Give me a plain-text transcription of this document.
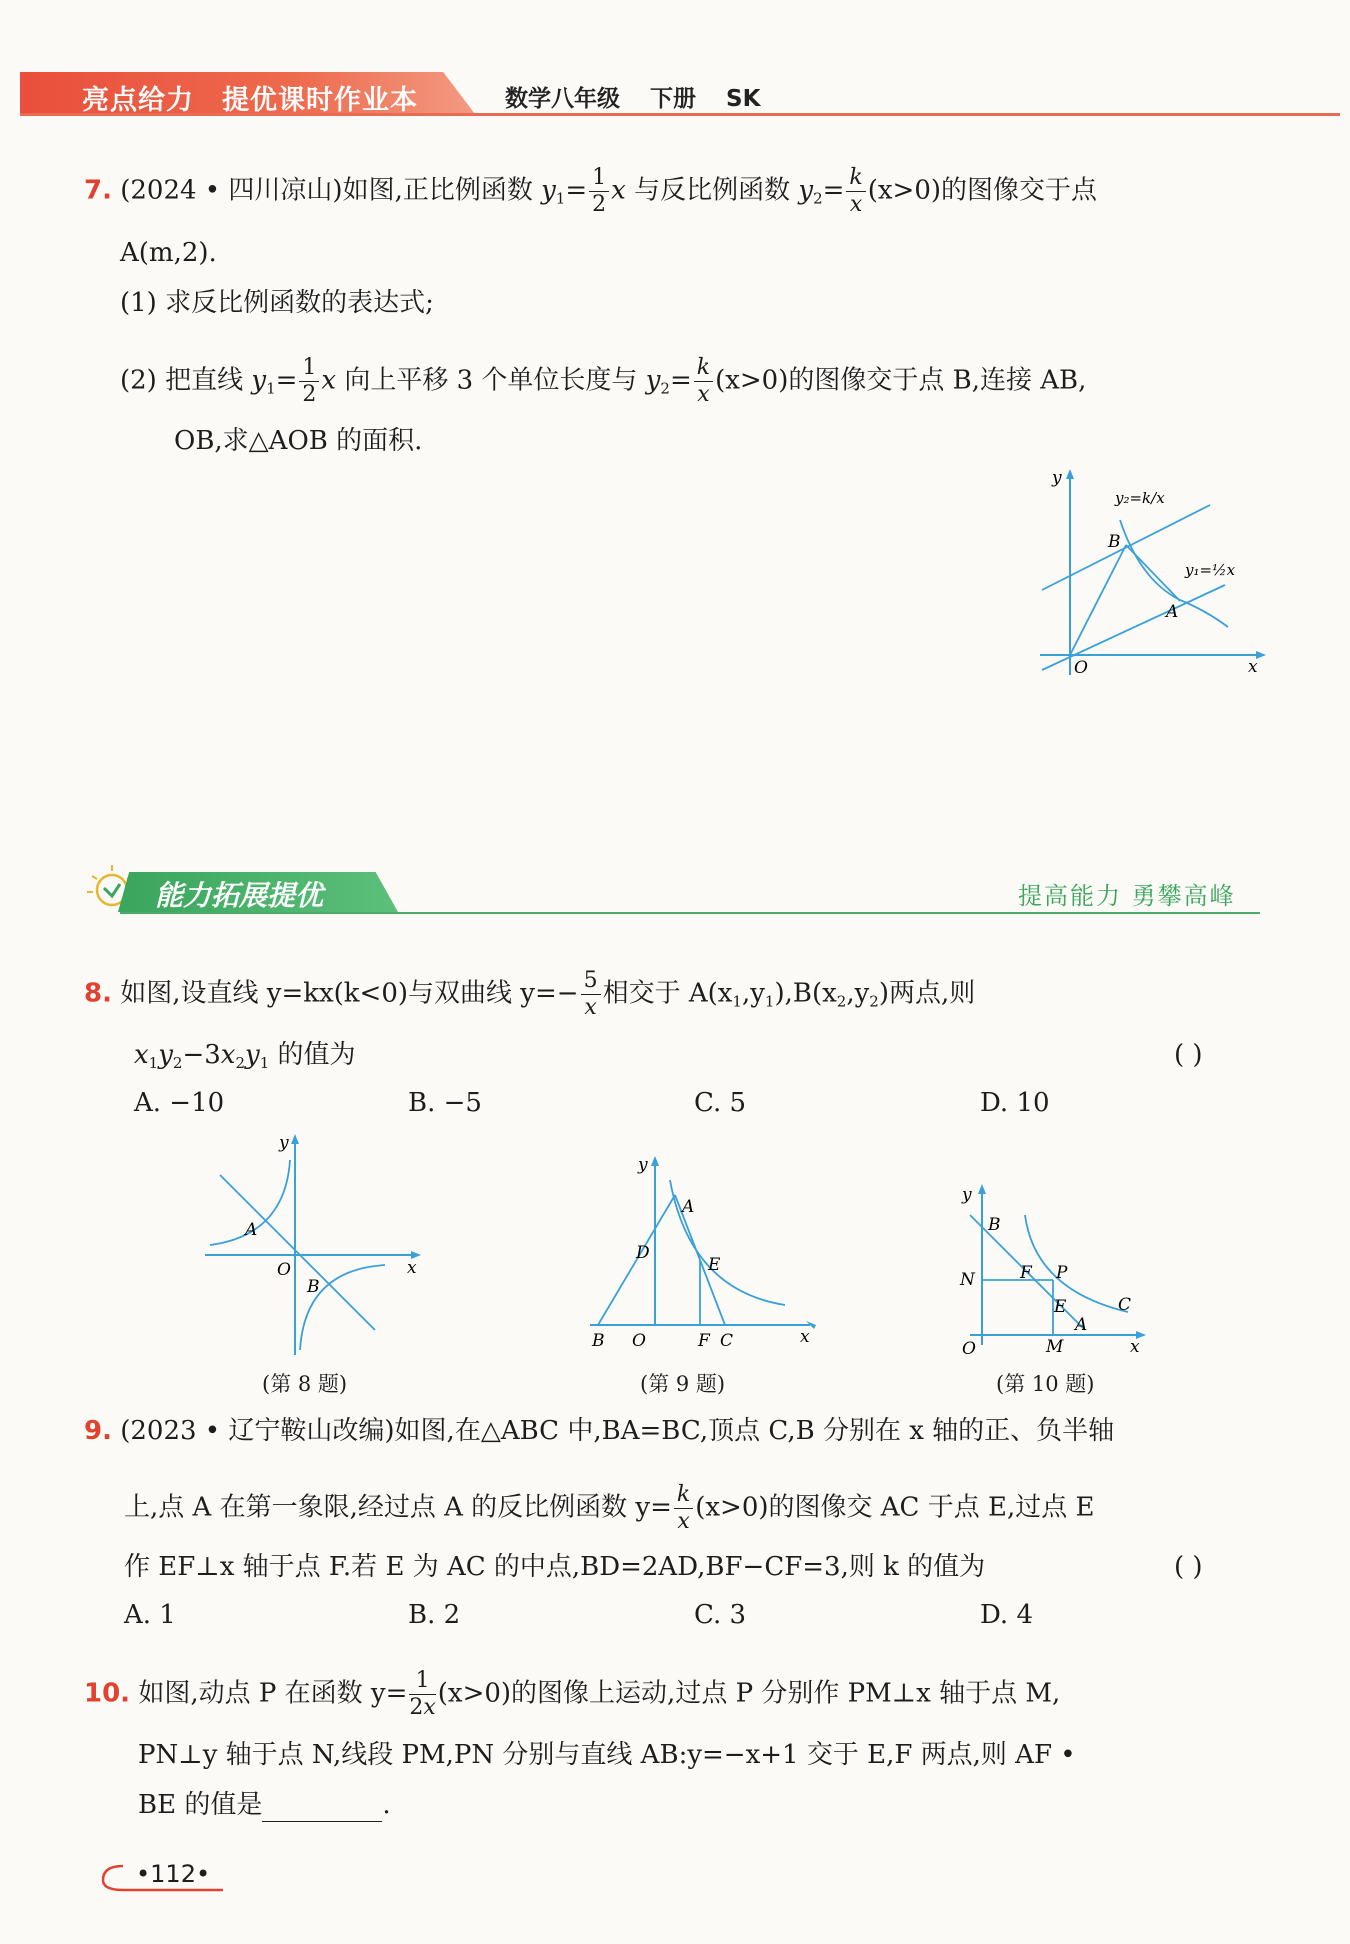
亮点给力 提优课时作业本	数学八年级 下册 SK
7. (2024 • 四川凉山)如图,正比例函数 $y_1= \frac{1}{2}$ x 与反比例函数 $y_2= \frac{k}{x} (x>0)$的图像交于点
A(m,2).
(1) 求反比例函数的表达式;
(2) 把直线 $y_1= \frac{1}{2}$ x 向上平移 3 个单位长度与 $y_2= \frac{k}{x} (x>0)$的图像交于点 B,连接 AB,
OB,求△AOB 的面积.
y
x
O
B
A
y₂=k/x
y₁=½x
能力拓展提优	提高能力 勇攀高峰
8. 如图,设直线 y=kx(k<0)与双曲线 $y=- \frac{5}{x}$ 相交于 $A(x_1,y_1),B(x_2,y_2)$两点,则
$x_1y_2-3x_2y_1$ 的值为	( )
A. −10	B. −5	C. 5	D. 10
y
x
O
A
B
y
x
B O	F C
A
D
E
y
x
O
B
N	F P
E	C
A
M
(第 8 题)	(第 9 题)	(第 10 题)
9. (2023 • 辽宁鞍山改编)如图,在△ABC 中,BA=BC,顶点 C,B 分别在 x 轴的正、负半轴
上,点 A 在第一象限,经过点 A 的反比例函数 $y= \frac{k}{x} (x>0)$的图像交 AC 于点 E,过点 E
作 EF⊥x 轴于点 F.若 E 为 AC 的中点,BD=2AD,BF−CF=3,则 k 的值为	( )
A. 1	B. 2	C. 3	D. 4
10. 如图,动点 P 在函数 $y= \frac{1}{2x} (x>0)$的图像上运动,过点 P 分别作 PM⊥x 轴于点 M,
PN⊥y 轴于点 N,线段 PM,PN 分别与直线 AB:y=−x+1 交于 E,F 两点,则 AF •
BE 的值是	.
•112•
